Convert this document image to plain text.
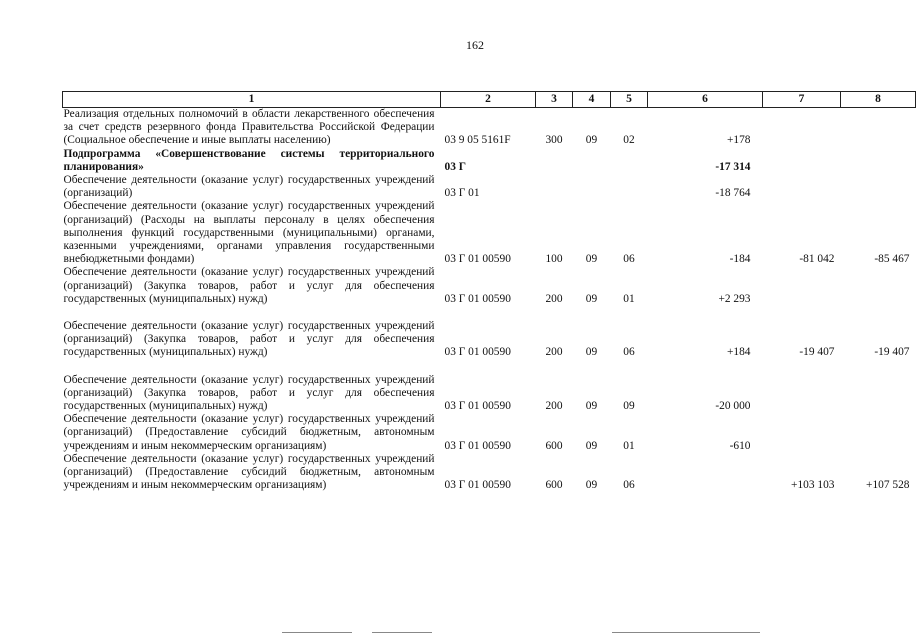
162
1	2	3	4	5	6	7	8
Реализация отдельных полномочий в области лекарственного обеспечения за счет средств резервного фонда Правительства Российской Федерации (Социальное обеспечение и иные выплаты населению)	03 9 05 5161F	300	09	02	+178		
Подпрограмма «Совершенствование системы территориального планирования»	03 Г				-17 314		
Обеспечение деятельности (оказание услуг) государственных учреждений (организаций)	03 Г 01				-18 764		
Обеспечение деятельности (оказание услуг) государственных учреждений (организаций) (Расходы на выплаты персоналу в целях обеспечения выполнения функций государственными (муниципальными) органами, казенными учреждениями, органами управления государственными внебюджетными фондами)	03 Г 01 00590	100	09	06	-184	-81 042	-85 467
Обеспечение деятельности (оказание услуг) государственных учреждений (организаций) (Закупка товаров, работ и услуг для обеспечения государственных (муниципальных) нужд)	03 Г 01 00590	200	09	01	+2 293		

Обеспечение деятельности (оказание услуг) государственных учреждений (организаций) (Закупка товаров, работ и услуг для обеспечения государственных (муниципальных) нужд)	03 Г 01 00590	200	09	06	+184	-19 407	-19 407

Обеспечение деятельности (оказание услуг) государственных учреждений (организаций) (Закупка товаров, работ и услуг для обеспечения государственных (муниципальных) нужд)	03 Г 01 00590	200	09	09	-20 000		
Обеспечение деятельности (оказание услуг) государственных учреждений (организаций) (Предоставление субсидий бюджетным, автономным учреждениям и иным некоммерческим организациям)	03 Г 01 00590	600	09	01	-610		
Обеспечение деятельности (оказание услуг) государственных учреждений (организаций) (Предоставление субсидий бюджетным, автономным учреждениям и иным некоммерческим организациям)	03 Г 01 00590	600	09	06		+103 103	+107 528
